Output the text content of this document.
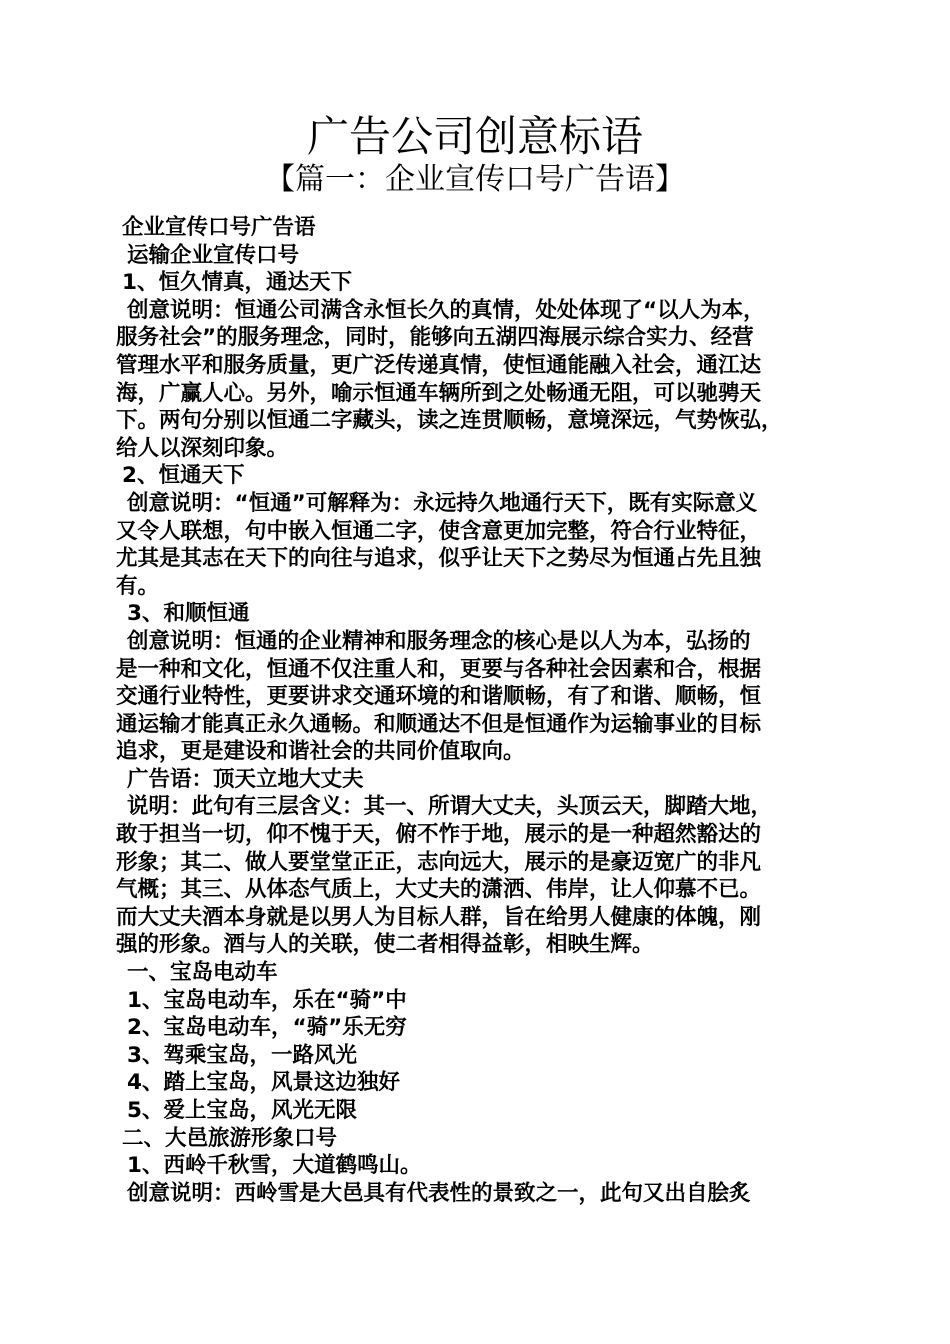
广告公司创意标语
【篇一：企业宣传口号广告语】

企业宣传口号广告语

运输企业宣传口号

1、恒久情真，通达天下

创意说明：恒通公司满含永恒长久的真情，处处体现了“以人为本，

服务社会”的服务理念，同时，能够向五湖四海展示综合实力、经营

管理水平和服务质量，更广泛传递真情，使恒通能融入社会，通江达

海，广赢人心。另外，喻示恒通车辆所到之处畅通无阻，可以驰骋天

下。两句分别以恒通二字藏头，读之连贯顺畅，意境深远，气势恢弘，

给人以深刻印象。

2、恒通天下

创意说明：“恒通”可解释为：永远持久地通行天下，既有实际意义

又令人联想，句中嵌入恒通二字，使含意更加完整，符合行业特征，

尤其是其志在天下的向往与追求，似乎让天下之势尽为恒通占先且独

有。

3、和顺恒通

创意说明：恒通的企业精神和服务理念的核心是以人为本，弘扬的

是一种和文化，恒通不仅注重人和，更要与各种社会因素和合，根据

交通行业特性，更要讲求交通环境的和谐顺畅，有了和谐、顺畅，恒

通运输才能真正永久通畅。和顺通达不但是恒通作为运输事业的目标

追求，更是建设和谐社会的共同价值取向。

广告语：顶天立地大丈夫

说明：此句有三层含义：其一、所谓大丈夫，头顶云天，脚踏大地，

敢于担当一切，仰不愧于天，俯不怍于地，展示的是一种超然豁达的

形象；其二、做人要堂堂正正，志向远大，展示的是豪迈宽广的非凡

气概；其三、从体态气质上，大丈夫的潇洒、伟岸，让人仰慕不已。

而大丈夫酒本身就是以男人为目标人群，旨在给男人健康的体魄，刚

强的形象。酒与人的关联，使二者相得益彰，相映生辉。

一、宝岛电动车

1、宝岛电动车，乐在“骑”中

2、宝岛电动车，“骑”乐无穷

3、驾乘宝岛，一路风光

4、踏上宝岛，风景这边独好

5、爱上宝岛，风光无限

二、大邑旅游形象口号

1、西岭千秋雪，大道鹤鸣山。

创意说明：西岭雪是大邑具有代表性的景致之一，此句又出自脍炙
